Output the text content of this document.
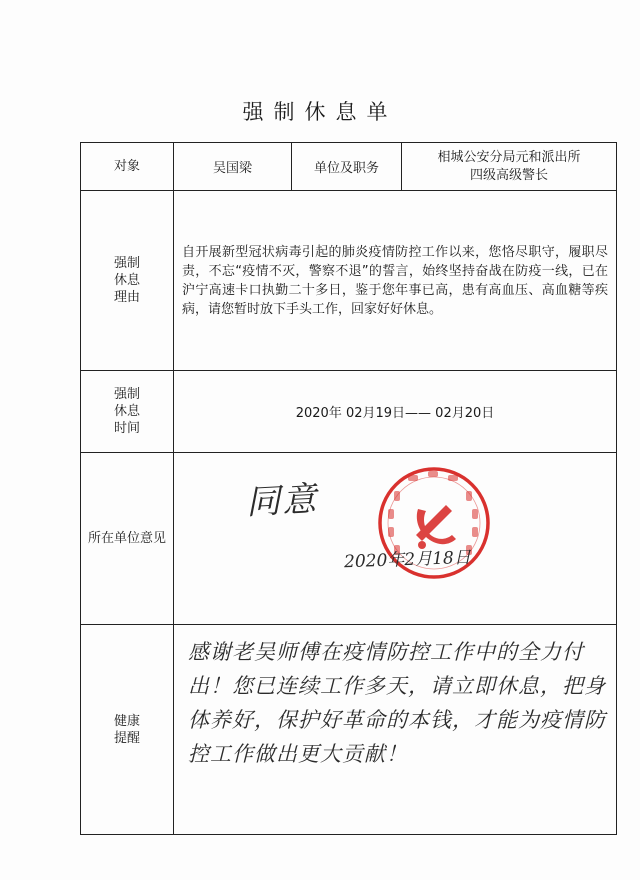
强制休息单
对象	吴国梁	单位及职务	相城公安分局元和派出所
四级高级警长

强制
休息
理由	自开展新型冠状病毒引起的肺炎疫情防控工作以来，您恪尽职守，履职尽责，不忘“疫情不灭，警察不退”的誓言，始终坚持奋战在防疫一线，已在沪宁高速卡口执勤二十多日，鉴于您年事已高，患有高血压、高血糖等疾病，请您暂时放下手头工作，回家好好休息。		

强制
休息
时间	2020年 02月19日—— 02月20日		
所在单位意见	同意
2020年2月18日		

健康
提醒	感谢老吴师傅在疫情防控工作中的全力付出！您已连续工作多天，请立即休息，把身体养好，保护好革命的本钱，才能为疫情防控工作做出更大贡献！		
